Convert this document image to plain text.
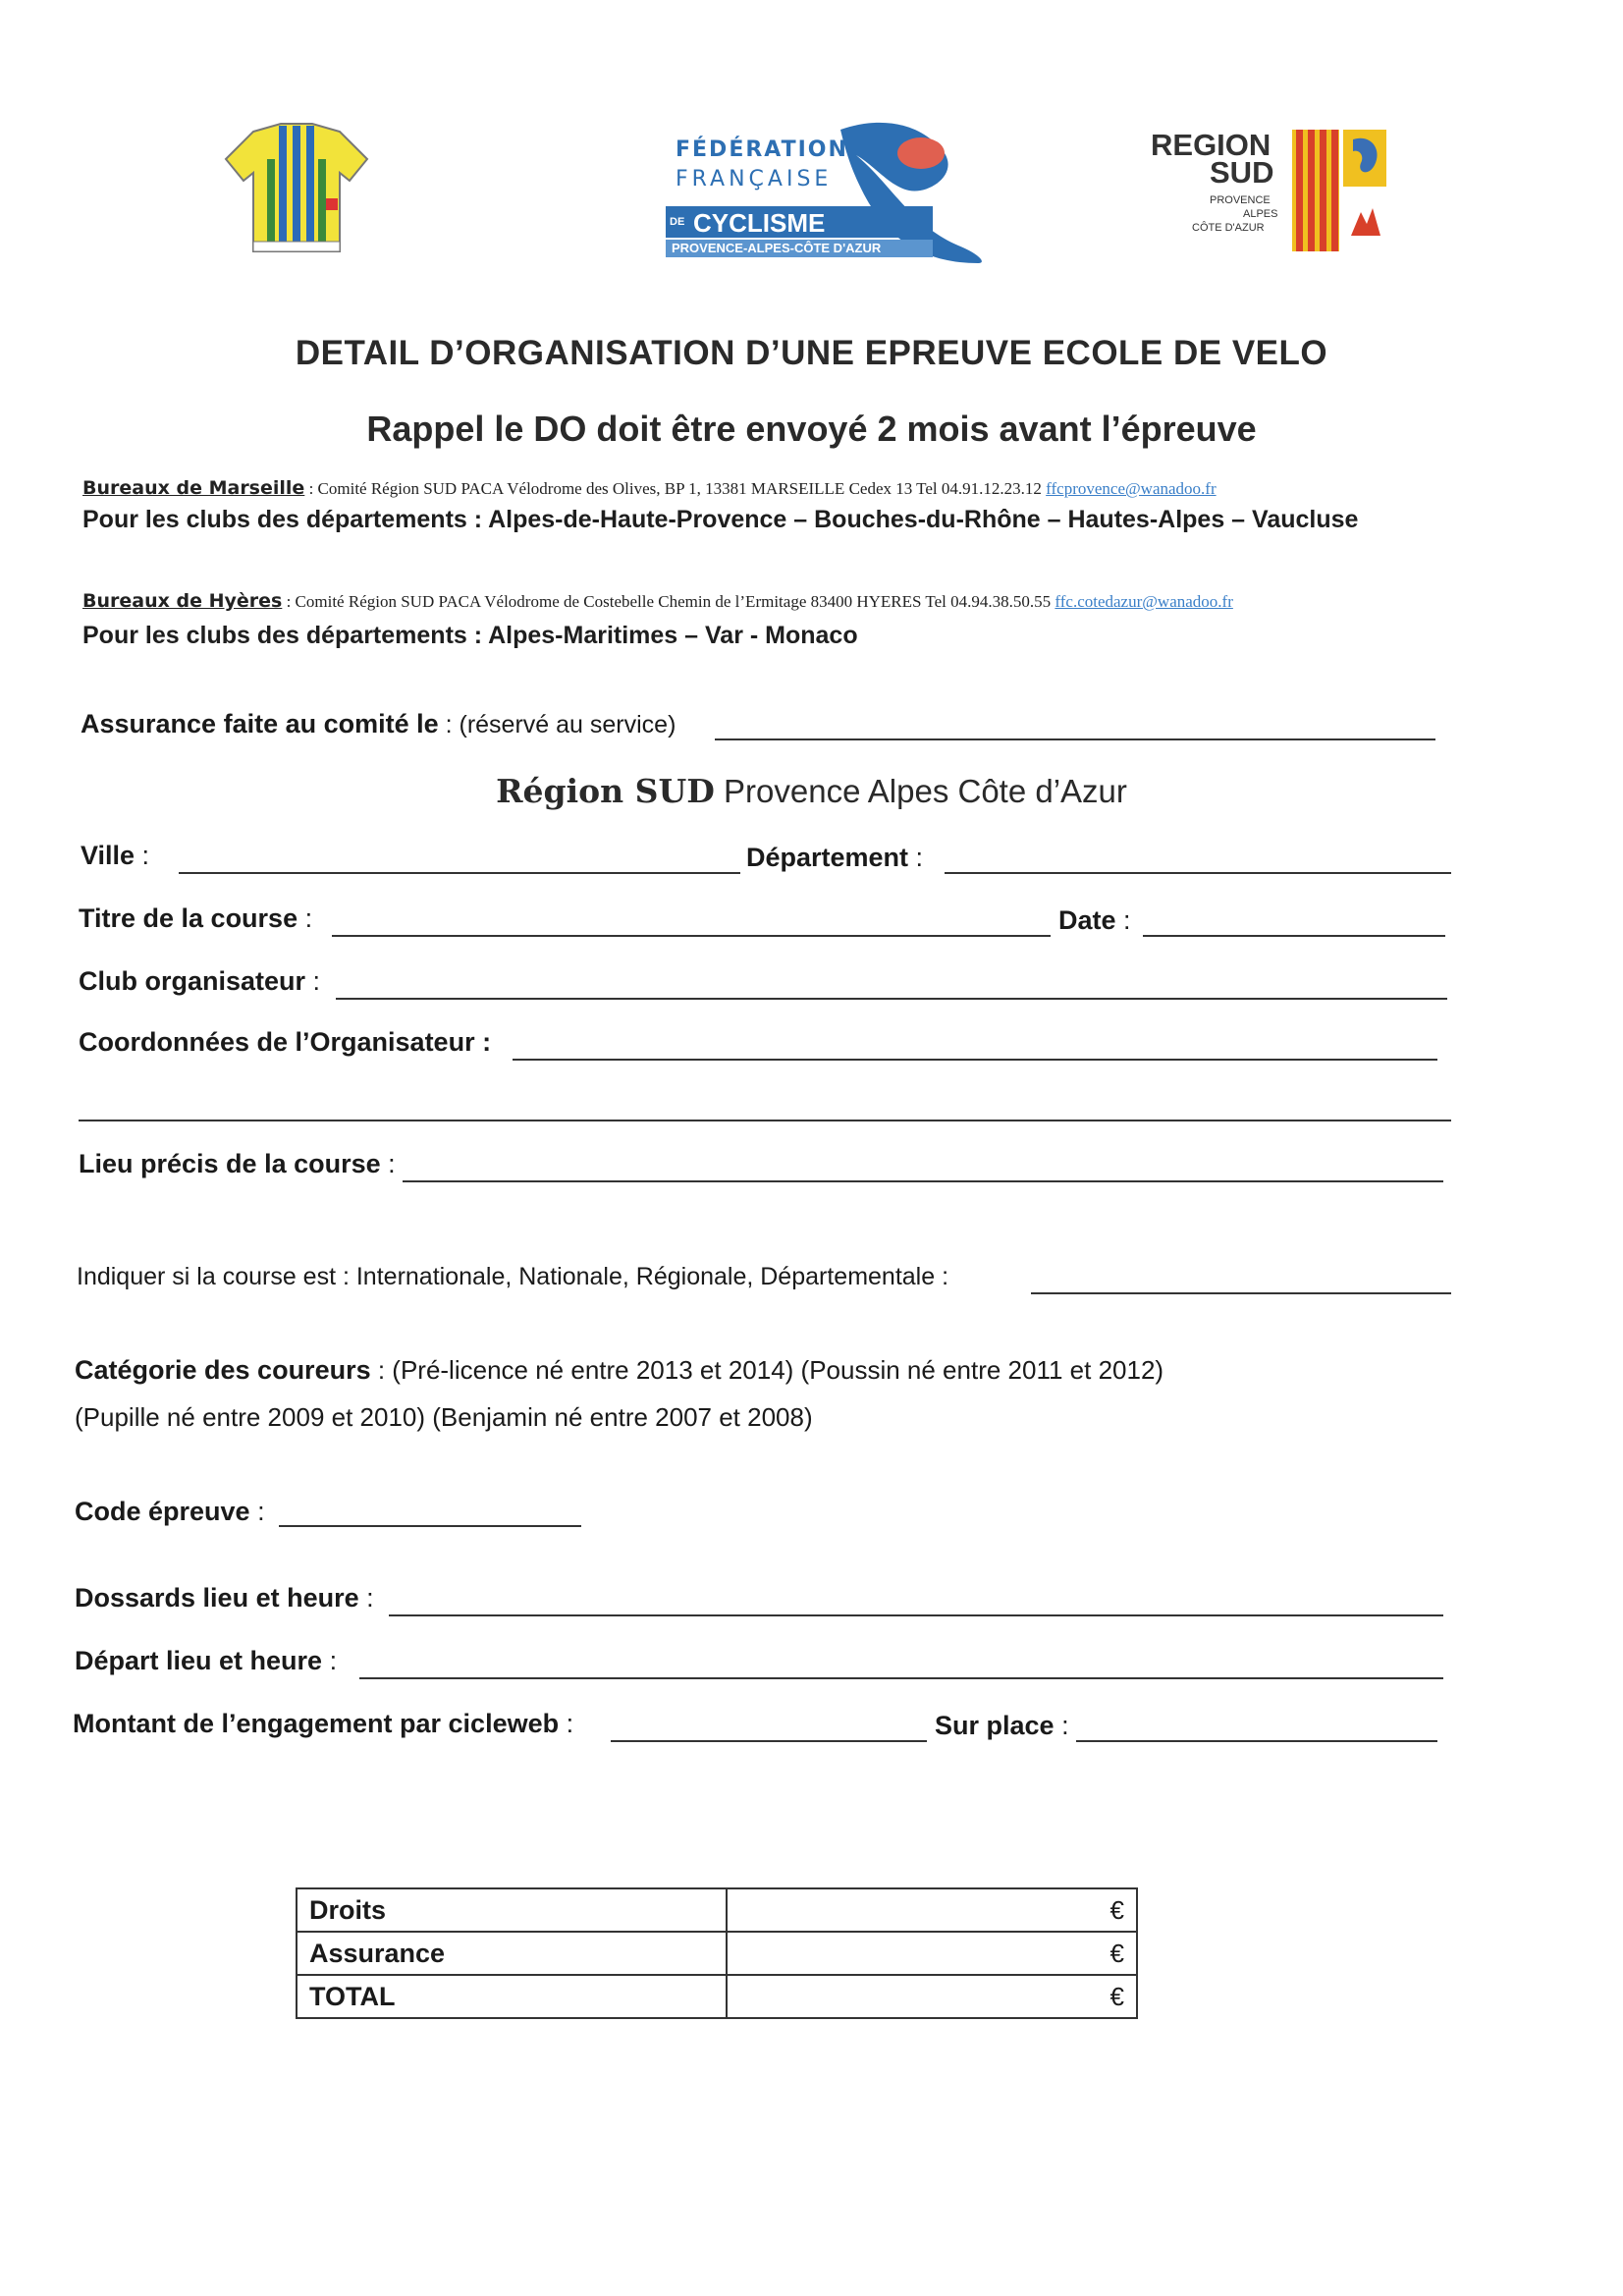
FÉDÉRATION
FRANÇAISE
DE CYCLISME
PROVENCE-ALPES-CÔTE D'AZUR
REGION
SUD
PROVENCE
ALPES
CÔTE D'AZUR
DETAIL D’ORGANISATION D’UNE EPREUVE ECOLE DE VELO
Rappel le DO doit être envoyé 2 mois avant l’épreuve
Bureaux de Marseille : Comité Région SUD PACA Vélodrome des Olives, BP 1, 13381 MARSEILLE Cedex 13 Tel 04.91.12.23.12 ffcprovence@wanadoo.fr
Pour les clubs des départements : Alpes-de-Haute-Provence – Bouches-du-Rhône – Hautes-Alpes – Vaucluse
Bureaux de Hyères : Comité Région SUD PACA Vélodrome de Costebelle Chemin de l’Ermitage 83400 HYERES Tel 04.94.38.50.55 ffc.cotedazur@wanadoo.fr
Pour les clubs des départements : Alpes-Maritimes – Var - Monaco
Assurance faite au comité le : (réservé au service)
Région SUD Provence Alpes Côte d’Azur
Ville :	Département :
Titre de la course :	Date :
Club organisateur :
Coordonnées de l’Organisateur :
Lieu précis de la course :
Indiquer si la course est : Internationale, Nationale, Régionale, Départementale :
Catégorie des coureurs : (Pré-licence né entre 2013 et 2014) (Poussin né entre 2011 et 2012)
(Pupille né entre 2009 et 2010) (Benjamin né entre 2007 et 2008)
Code épreuve :
Dossards lieu et heure :
Départ lieu et heure :
Montant de l’engagement par cicleweb :	Sur place :
Droits	€
Assurance	€
TOTAL	€
